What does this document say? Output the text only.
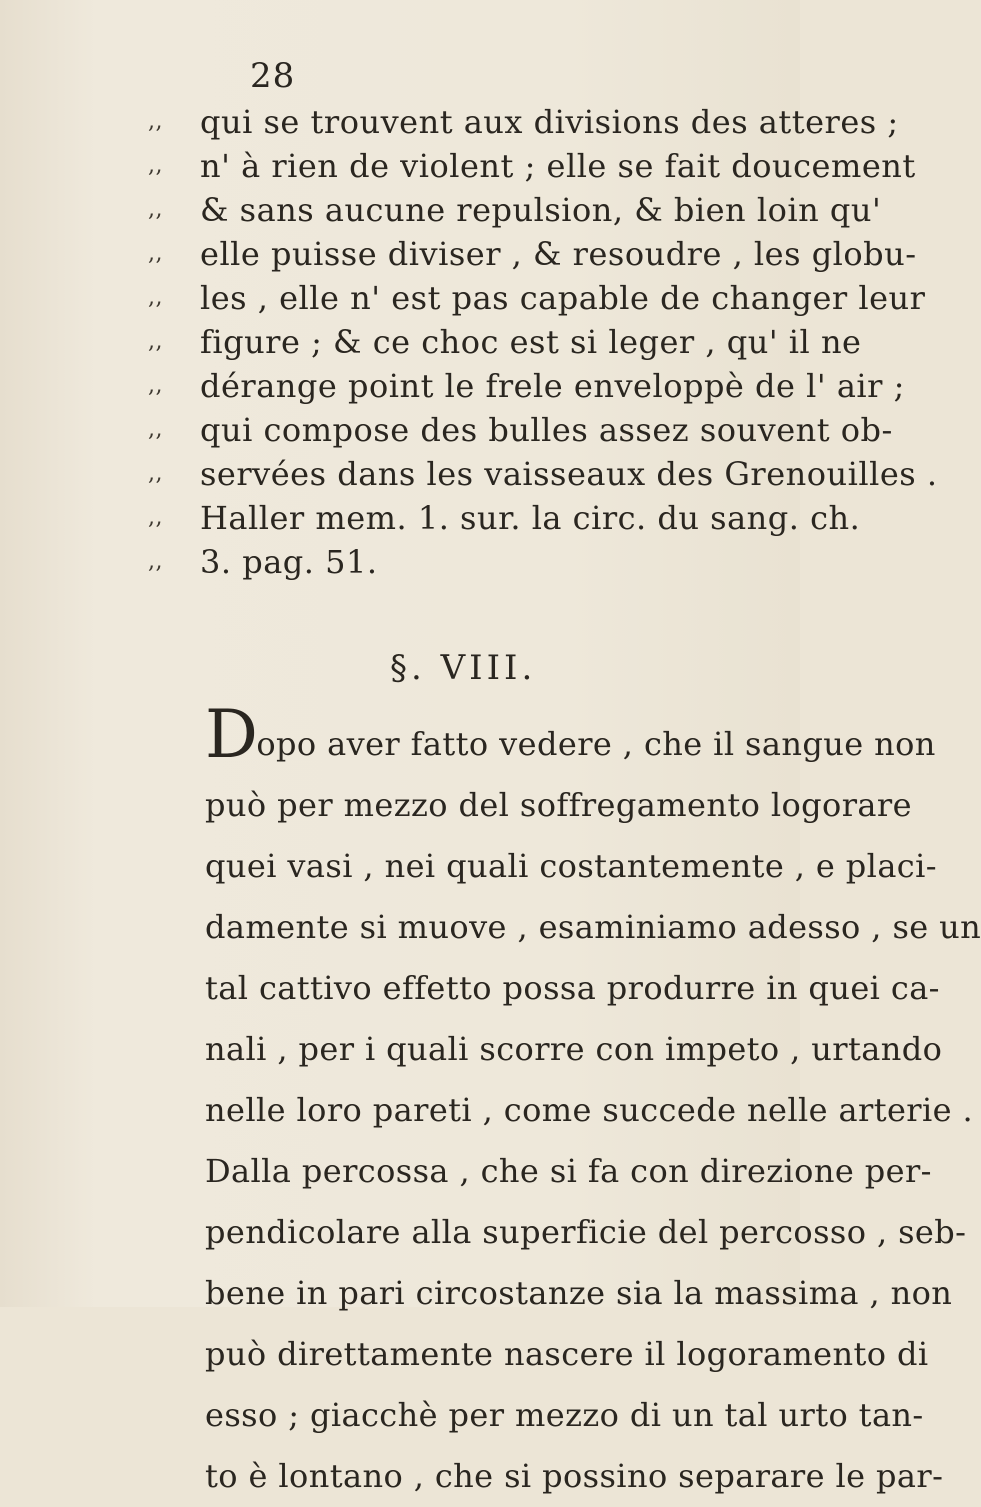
28
,, qui se trouvent aux divisions des atteres ;
,, n' à rien de violent ; elle se fait doucement
,, & sans aucune repulsion, & bien loin qu'
,, elle puisse diviser , & resoudre , les globu-
,, les , elle n' est pas capable de changer leur
,, figure ; & ce choc est si leger , qu' il ne
,, dérange point le frele enveloppè de l' air ;
,, qui compose des bulles assez souvent ob-
,, servées dans les vaisseaux des Grenouilles .
,, Haller mem. 1. sur. la circ. du sang. ch.
,, 3. pag. 51.
§. VIII.
Dopo aver fatto vedere , che il sangue non
può per mezzo del soffregamento logorare
quei vasi , nei quali costantemente , e placi-
damente si muove , esaminiamo adesso , se un
tal cattivo effetto possa produrre in quei ca-
nali , per i quali scorre con impeto , urtando
nelle loro pareti , come succede nelle arterie .
Dalla percossa , che si fa con direzione per-
pendicolare alla superficie del percosso , seb-
bene in pari circostanze sia la massima , non
può direttamente nascere il logoramento di
esso ; giacchè per mezzo di un tal urto tan-
to è lontano , che si possino separare le par-
